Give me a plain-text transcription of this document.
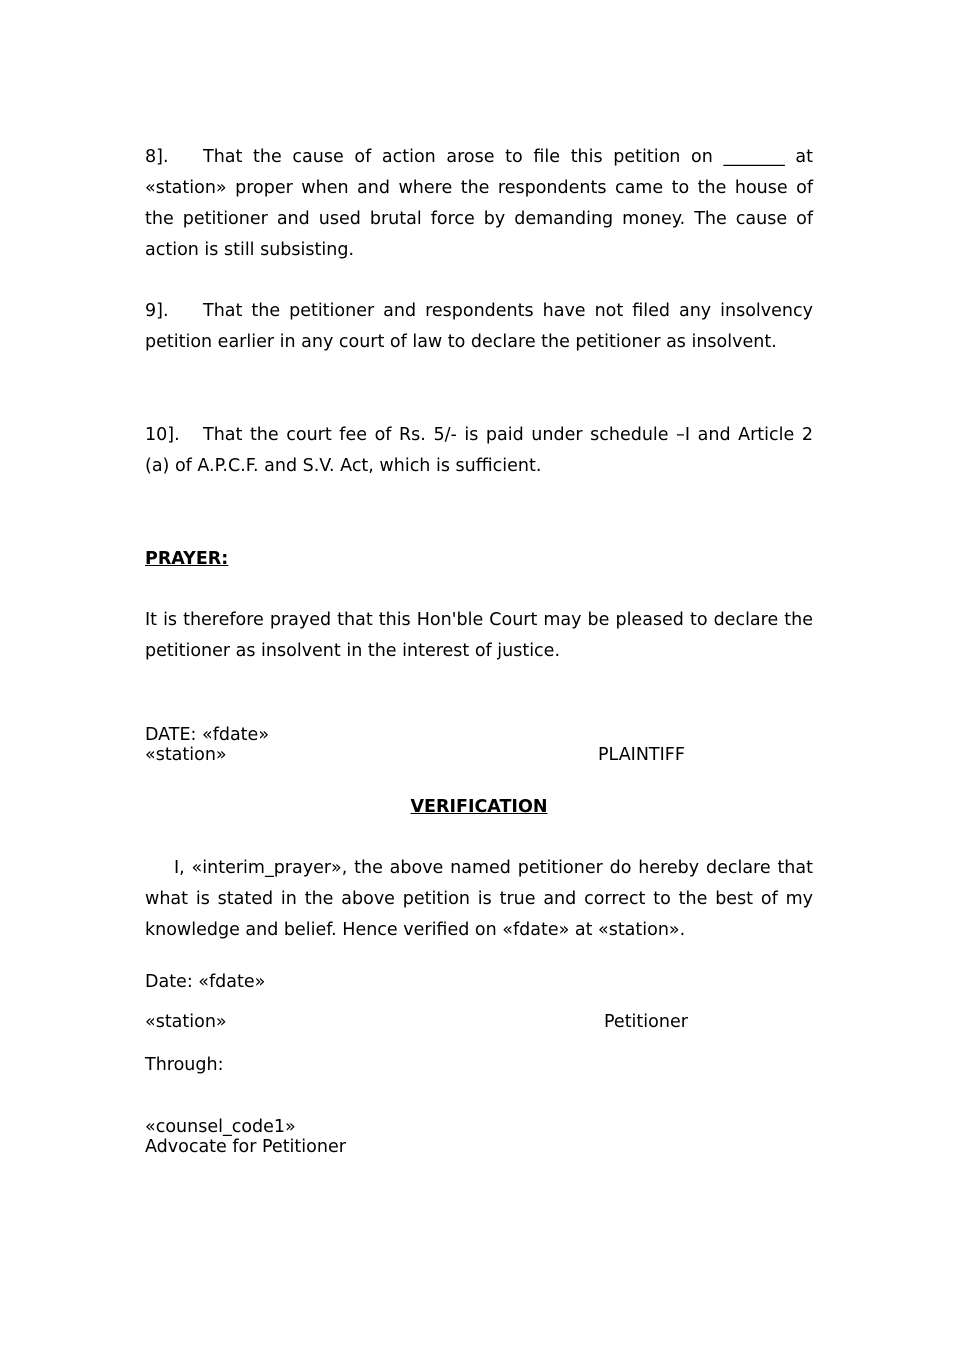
8]. That the cause of action arose to file this petition on _______ at «station» proper when and where the respondents came to the house of the petitioner and used brutal force by demanding money. The cause of action is still subsisting.

9]. That the petitioner and respondents have not filed any insolvency petition earlier in any court of law to declare the petitioner as insolvent.

10]. That the court fee of Rs. 5/- is paid under schedule –I and Article 2 (a) of A.P.C.F. and S.V. Act, which is sufficient.

PRAYER:

It is therefore prayed that this Hon'ble Court may be pleased to declare the petitioner as insolvent in the interest of justice.

DATE: «fdate»
«station»	PLAINTIFF
VERIFICATION

I, «interim_prayer», the above named petitioner do hereby declare that what is stated in the above petition is true and correct to the best of my knowledge and belief. Hence verified on «fdate» at «station».

Date: «fdate»
«station»	Petitioner
Through:
«counsel_code1»
Advocate for Petitioner
